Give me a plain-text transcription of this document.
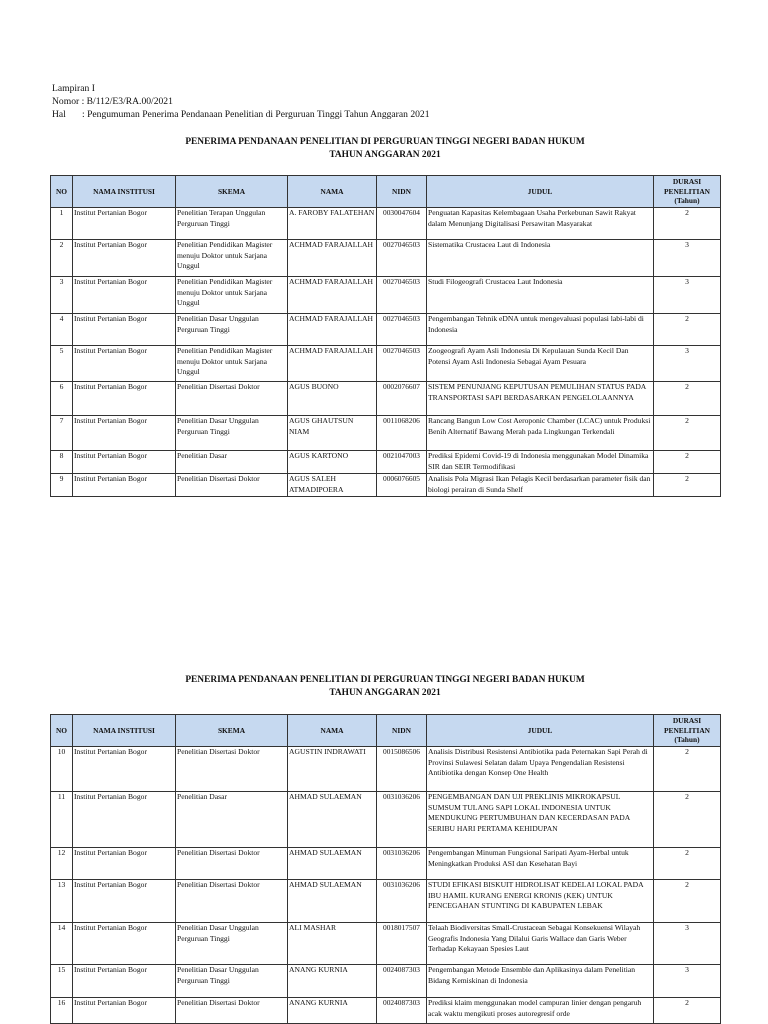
Lampiran I
Nomor : B/112/E3/RA.00/2021
Hal : Pengumuman Penerima Pendanaan Penelitian di Perguruan Tinggi Tahun Anggaran 2021
PENERIMA PENDANAAN PENELITIAN DI PERGURUAN TINGGI NEGERI BADAN HUKUM
TAHUN ANGGARAN 2021
NO	NAMA INSTITUSI	SKEMA	NAMA	NIDN	JUDUL	DURASI PENELITIAN (Tahun)
1	Institut Pertanian Bogor	Penelitian Terapan Unggulan Perguruan Tinggi	A. FAROBY FALATEHAN	0030047604	Penguatan Kapasitas Kelembagaan Usaha Perkebunan Sawit Rakyat dalam Menunjang Digitalisasi Persawitan Masyarakat	2
2	Institut Pertanian Bogor	Penelitian Pendidikan Magister menuju Doktor untuk Sarjana Unggul	ACHMAD FARAJALLAH	0027046503	Sistematika Crustacea Laut di Indonesia	3
3	Institut Pertanian Bogor	Penelitian Pendidikan Magister menuju Doktor untuk Sarjana Unggul	ACHMAD FARAJALLAH	0027046503	Studi Filogeografi Crustacea Laut Indonesia	3
4	Institut Pertanian Bogor	Penelitian Dasar Unggulan Perguruan Tinggi	ACHMAD FARAJALLAH	0027046503	Pengembangan Tehnik eDNA untuk mengevaluasi populasi labi-labi di Indonesia	2
5	Institut Pertanian Bogor	Penelitian Pendidikan Magister menuju Doktor untuk Sarjana Unggul	ACHMAD FARAJALLAH	0027046503	Zoogeografi Ayam Asli Indonesia Di Kepulauan Sunda Kecil Dan Potensi Ayam Asli Indonesia Sebagai Ayam Pesuara	3
6	Institut Pertanian Bogor	Penelitian Disertasi Doktor	AGUS BUONO	0002076607	SISTEM PENUNJANG KEPUTUSAN PEMULIHAN STATUS PADA TRANSPORTASI SAPI BERDASARKAN PENGELOLAANNYA	2
7	Institut Pertanian Bogor	Penelitian Dasar Unggulan Perguruan Tinggi	AGUS GHAUTSUN NIAM	0011068206	Rancang Bangun Low Cost Aeroponic Chamber (LCAC) untuk Produksi Benih Alternatif Bawang Merah pada Lingkungan Terkendali	2
8	Institut Pertanian Bogor	Penelitian Dasar	AGUS KARTONO	0021047003	Prediksi Epidemi Covid-19 di Indonesia menggunakan Model Dinamika SIR dan SEIR Termodifikasi	2
9	Institut Pertanian Bogor	Penelitian Disertasi Doktor	AGUS SALEH ATMADIPOERA	0006076605	Analisis Pola Migrasi Ikan Pelagis Kecil berdasarkan parameter fisik dan biologi perairan di Sunda Shelf	2
PENERIMA PENDANAAN PENELITIAN DI PERGURUAN TINGGI NEGERI BADAN HUKUM
TAHUN ANGGARAN 2021
NO	NAMA INSTITUSI	SKEMA	NAMA	NIDN	JUDUL	DURASI PENELITIAN (Tahun)
10	Institut Pertanian Bogor	Penelitian Disertasi Doktor	AGUSTIN INDRAWATI	0015086506	Analisis Distribusi Resistensi Antibiotika pada Peternakan Sapi Perah di Provinsi Sulawesi Selatan dalam Upaya Pengendalian Resistensi Antibiotika dengan Konsep One Health	2
11	Institut Pertanian Bogor	Penelitian Dasar	AHMAD SULAEMAN	0031036206	PENGEMBANGAN DAN UJI PREKLINIS MIKROKAPSUL SUMSUM TULANG SAPI LOKAL INDONESIA UNTUK MENDUKUNG PERTUMBUHAN DAN KECERDASAN PADA SERIBU HARI PERTAMA KEHIDUPAN	2
12	Institut Pertanian Bogor	Penelitian Disertasi Doktor	AHMAD SULAEMAN	0031036206	Pengembangan Minuman Fungsional Saripati Ayam-Herbal untuk Meningkatkan Produksi ASI dan Kesehatan Bayi	2
13	Institut Pertanian Bogor	Penelitian Disertasi Doktor	AHMAD SULAEMAN	0031036206	STUDI EFIKASI BISKUIT HIDROLISAT KEDELAI LOKAL PADA IBU HAMIL KURANG ENERGI KRONIS (KEK) UNTUK PENCEGAHAN STUNTING DI KABUPATEN LEBAK	2
14	Institut Pertanian Bogor	Penelitian Dasar Unggulan Perguruan Tinggi	ALI MASHAR	0018017507	Telaah Biodiversitas Small-Crustacean Sebagai Konsekuensi Wilayah Geografis Indonesia Yang Dilalui Garis Wallace dan Garis Weber Terhadap Kekayaan Spesies Laut	3
15	Institut Pertanian Bogor	Penelitian Dasar Unggulan Perguruan Tinggi	ANANG KURNIA	0024087303	Pengembangan Metode Ensemble dan Aplikasinya dalam Penelitian Bidang Kemiskinan di Indonesia	3
16	Institut Pertanian Bogor	Penelitian Disertasi Doktor	ANANG KURNIA	0024087303	Prediksi klaim menggunakan model campuran linier dengan pengaruh acak waktu mengikuti proses autoregresif orde	2
